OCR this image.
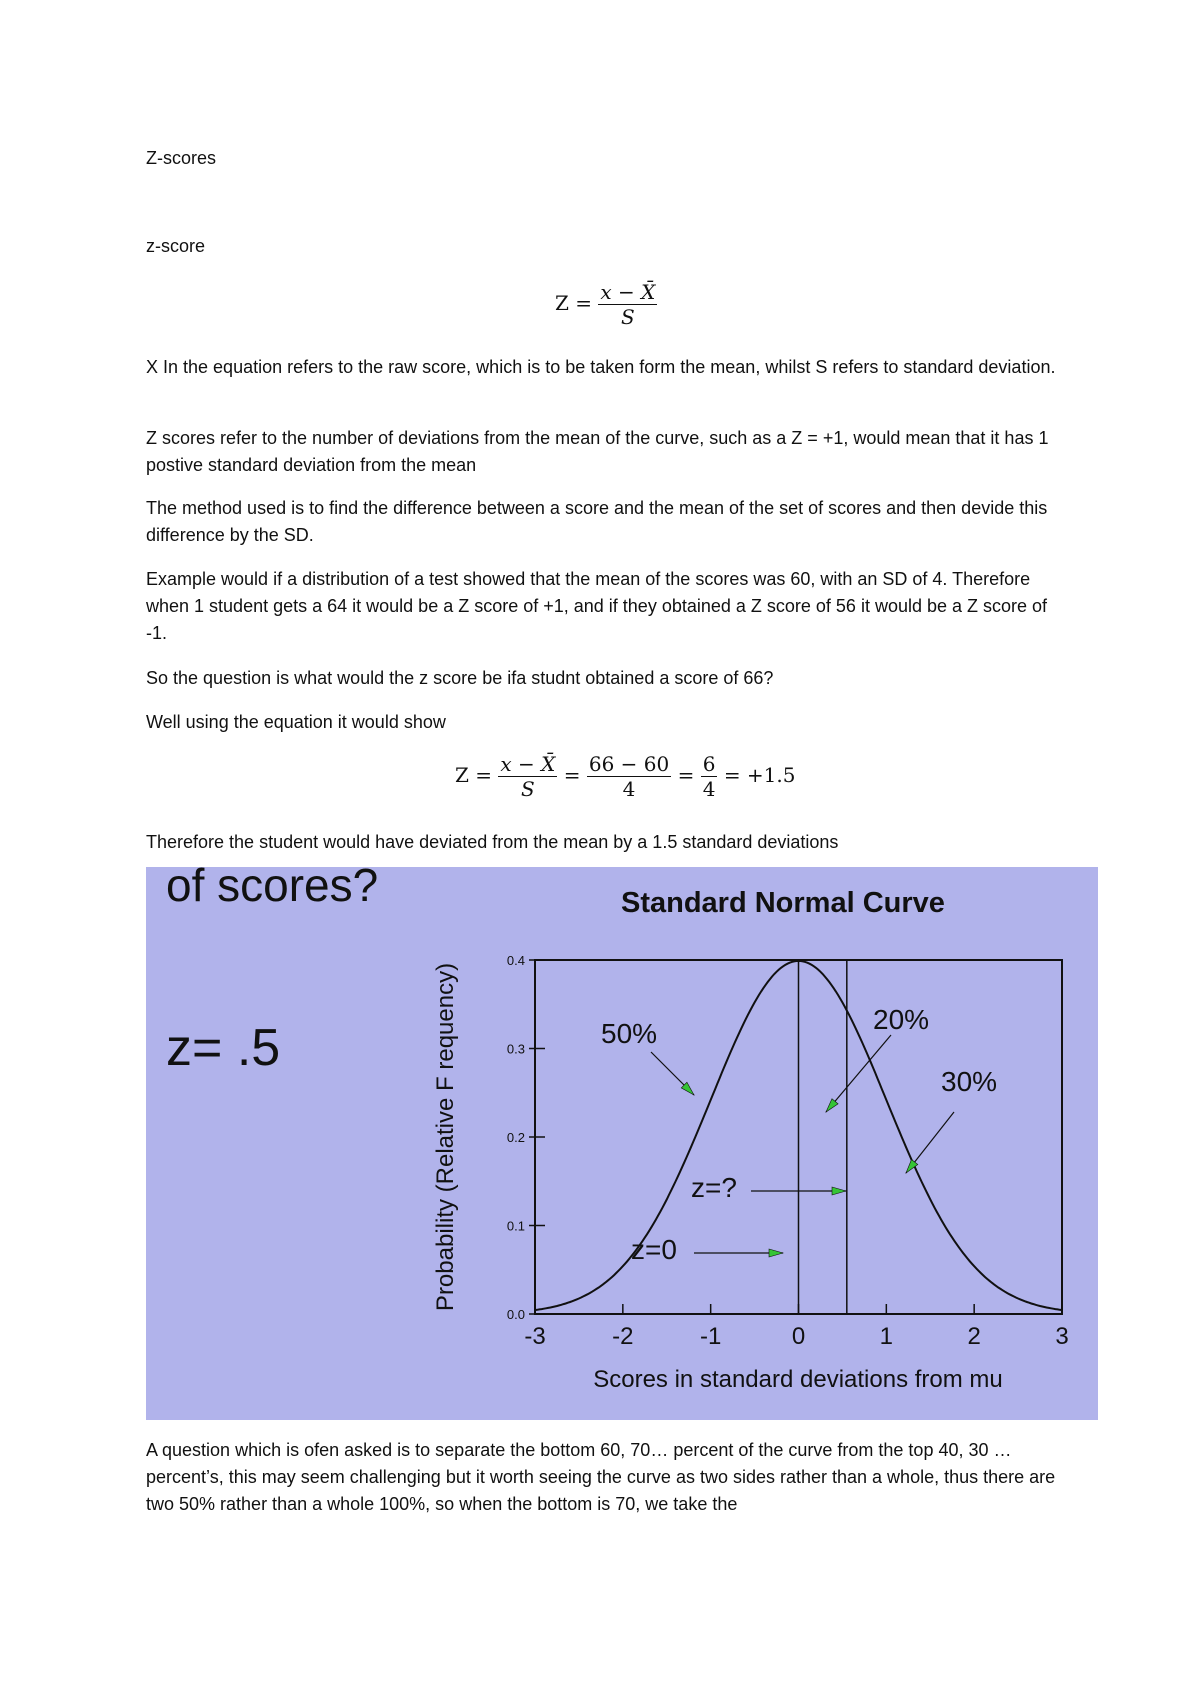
Z-scores
z-score
$Z = \frac{x - X̄}{S}$

X In the equation refers to the raw score, which is to be taken form the mean, whilst S refers to standard deviation.

Z scores refer to the number of deviations from the mean of the curve, such as a Z = +1, would mean that it has 1 postive standard deviation from the mean

The method used is to find the difference between a score and the mean of the set of scores and then devide this difference by the SD.

Example would if a distribution of a test showed that the mean of the scores was 60, with an SD of 4. Therefore when 1 student gets a 64 it would be a Z score of +1, and if they obtained a Z score of 56 it would be a Z score of -1.

So the question is what would the z score be ifa studnt obtained a score of 66?

Well using the equation it would show

$Z = \frac{x - X̄}{S} = \frac{66 - 60}{4} = \frac{6}{4} = +1.5$

Therefore the student would have deviated from the mean by a 1.5 standard deviations

of scores?
z= .5
Standard Normal Curve
0.0
0.1
0.2
0.3
0.4
-3	-2	-1	0	1	2	3
Probability (Relative F requency)
Scores in standard deviations from mu
50%	20%
30%
z=?
z=0

A question which is ofen asked is to separate the bottom 60, 70… percent of the curve from the top 40, 30 … percent’s, this may seem challenging but it worth seeing the curve as two sides rather than a whole, thus there are two 50% rather than a whole 100%, so when the bottom is 70, we take the
